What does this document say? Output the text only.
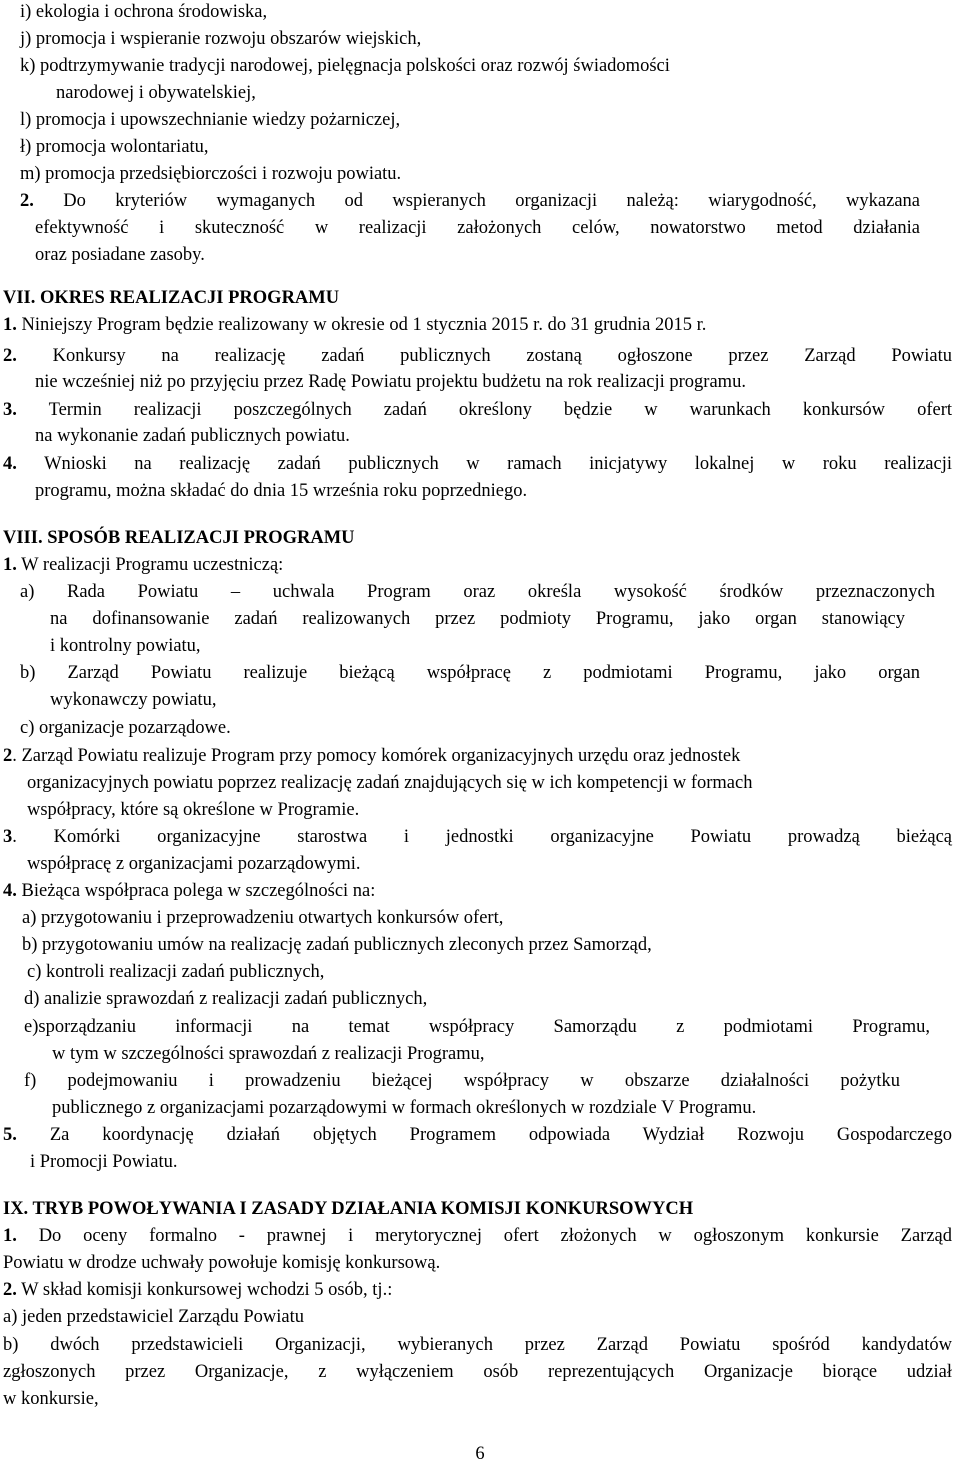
i) ekologia i ochrona środowiska,
j) promocja i wspieranie rozwoju obszarów wiejskich,
k) podtrzymywanie tradycji narodowej, pielęgnacja polskości oraz rozwój świadomości
narodowej i obywatelskiej,
l) promocja i upowszechnianie wiedzy pożarniczej,
ł) promocja wolontariatu,
m) promocja przedsiębiorczości i rozwoju powiatu.
2. Do kryteriów wymaganych od wspieranych organizacji należą: wiarygodność, wykazana
efektywność i skuteczność w realizacji założonych celów, nowatorstwo metod działania
oraz posiadane zasoby.
VII. OKRES REALIZACJI PROGRAMU
1. Niniejszy Program będzie realizowany w okresie od 1 stycznia 2015 r. do 31 grudnia 2015 r.
2. Konkursy na realizację zadań publicznych zostaną ogłoszone przez Zarząd Powiatu
nie wcześniej niż po przyjęciu przez Radę Powiatu projektu budżetu na rok realizacji programu.
3. Termin realizacji poszczególnych zadań określony będzie w warunkach konkursów ofert
na wykonanie zadań publicznych powiatu.
4. Wnioski na realizację zadań publicznych w ramach inicjatywy lokalnej w roku realizacji
programu, można składać do dnia 15 września roku poprzedniego.
VIII. SPOSÓB REALIZACJI PROGRAMU
1. W realizacji Programu uczestniczą:
a) Rada Powiatu – uchwala Program oraz określa wysokość środków przeznaczonych
na dofinansowanie zadań realizowanych przez podmioty Programu, jako organ stanowiący
i kontrolny powiatu,
b) Zarząd Powiatu realizuje bieżącą współpracę z podmiotami Programu, jako organ
wykonawczy powiatu,
c) organizacje pozarządowe.
2. Zarząd Powiatu realizuje Program przy pomocy komórek organizacyjnych urzędu oraz jednostek
organizacyjnych powiatu poprzez realizację zadań znajdujących się w ich kompetencji w formach
współpracy, które są określone w Programie.
3. Komórki organizacyjne starostwa i jednostki organizacyjne Powiatu prowadzą bieżącą
współpracę z organizacjami pozarządowymi.
4. Bieżąca współpraca polega w szczególności na:
a) przygotowaniu i przeprowadzeniu otwartych konkursów ofert,
b) przygotowaniu umów na realizację zadań publicznych zleconych przez Samorząd,
c) kontroli realizacji zadań publicznych,
d) analizie sprawozdań z realizacji zadań publicznych,
e)sporządzaniu informacji na temat współpracy Samorządu z podmiotami Programu,
w tym w szczególności sprawozdań z realizacji Programu,
f) podejmowaniu i prowadzeniu bieżącej współpracy w obszarze działalności pożytku
publicznego z organizacjami pozarządowymi w formach określonych w rozdziale V Programu.
5. Za koordynację działań objętych Programem odpowiada Wydział Rozwoju Gospodarczego
i Promocji Powiatu.
IX. TRYB POWOŁYWANIA I ZASADY DZIAŁANIA KOMISJI KONKURSOWYCH
1. Do oceny formalno - prawnej i merytorycznej ofert złożonych w ogłoszonym konkursie Zarząd
Powiatu w drodze uchwały powołuje komisję konkursową.
2. W skład komisji konkursowej wchodzi 5 osób, tj.:
a) jeden przedstawiciel Zarządu Powiatu
b) dwóch przedstawicieli Organizacji, wybieranych przez Zarząd Powiatu spośród kandydatów
zgłoszonych przez Organizacje, z wyłączeniem osób reprezentujących Organizacje biorące udział
w konkursie,
6
